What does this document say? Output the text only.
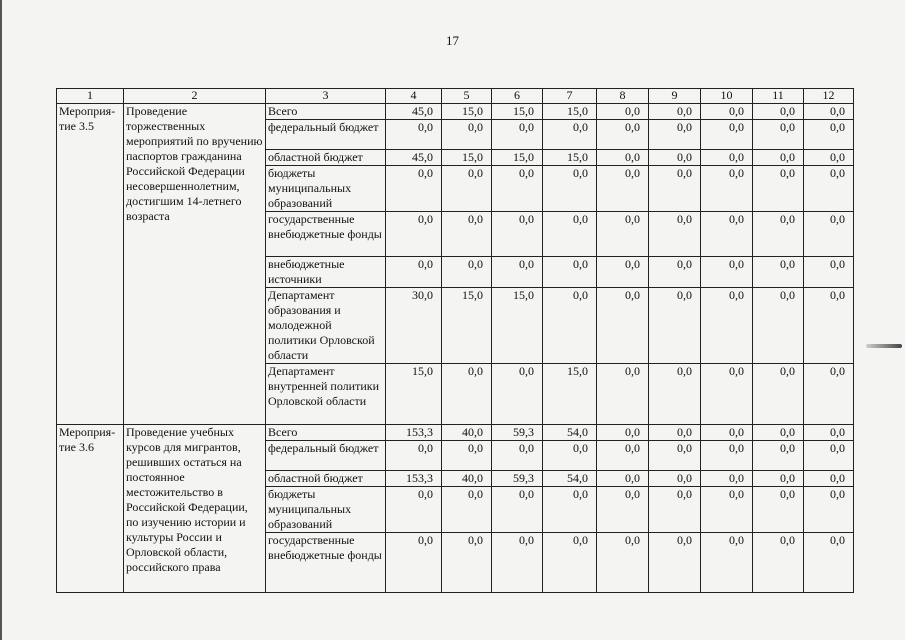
17
1	2	3	4	5	6	7	8	9	10	11	12
Мероприя-тие 3.5	Проведение торжественных мероприятий по вручению паспортов гражданина Российской Федерации несовершеннолетним, достигшим 14-летнего возраста	Всего	45,0	15,0	15,0	15,0	0,0	0,0	0,0	0,0	0,0
		федеральный бюджет	0,0	0,0	0,0	0,0	0,0	0,0	0,0	0,0	0,0
		областной бюджет	45,0	15,0	15,0	15,0	0,0	0,0	0,0	0,0	0,0
		бюджеты муниципальных образований	0,0	0,0	0,0	0,0	0,0	0,0	0,0	0,0	0,0
		государственные внебюджетные фонды	0,0	0,0	0,0	0,0	0,0	0,0	0,0	0,0	0,0
		внебюджетные источники	0,0	0,0	0,0	0,0	0,0	0,0	0,0	0,0	0,0
		Департамент образования и молодежной политики Орловской области	30,0	15,0	15,0	0,0	0,0	0,0	0,0	0,0	0,0
		Департамент внутренней политики Орловской области	15,0	0,0	0,0	15,0	0,0	0,0	0,0	0,0	0,0
Мероприя-тие 3.6	Проведение учебных курсов для мигрантов, решивших остаться на постоянное местожительство в Российской Федерации, по изучению истории и культуры России и Орловской области, российского права	Всего	153,3	40,0	59,3	54,0	0,0	0,0	0,0	0,0	0,0
		федеральный бюджет	0,0	0,0	0,0	0,0	0,0	0,0	0,0	0,0	0,0
		областной бюджет	153,3	40,0	59,3	54,0	0,0	0,0	0,0	0,0	0,0
		бюджеты муниципальных образований	0,0	0,0	0,0	0,0	0,0	0,0	0,0	0,0	0,0
		государственные внебюджетные фонды	0,0	0,0	0,0	0,0	0,0	0,0	0,0	0,0	0,0
